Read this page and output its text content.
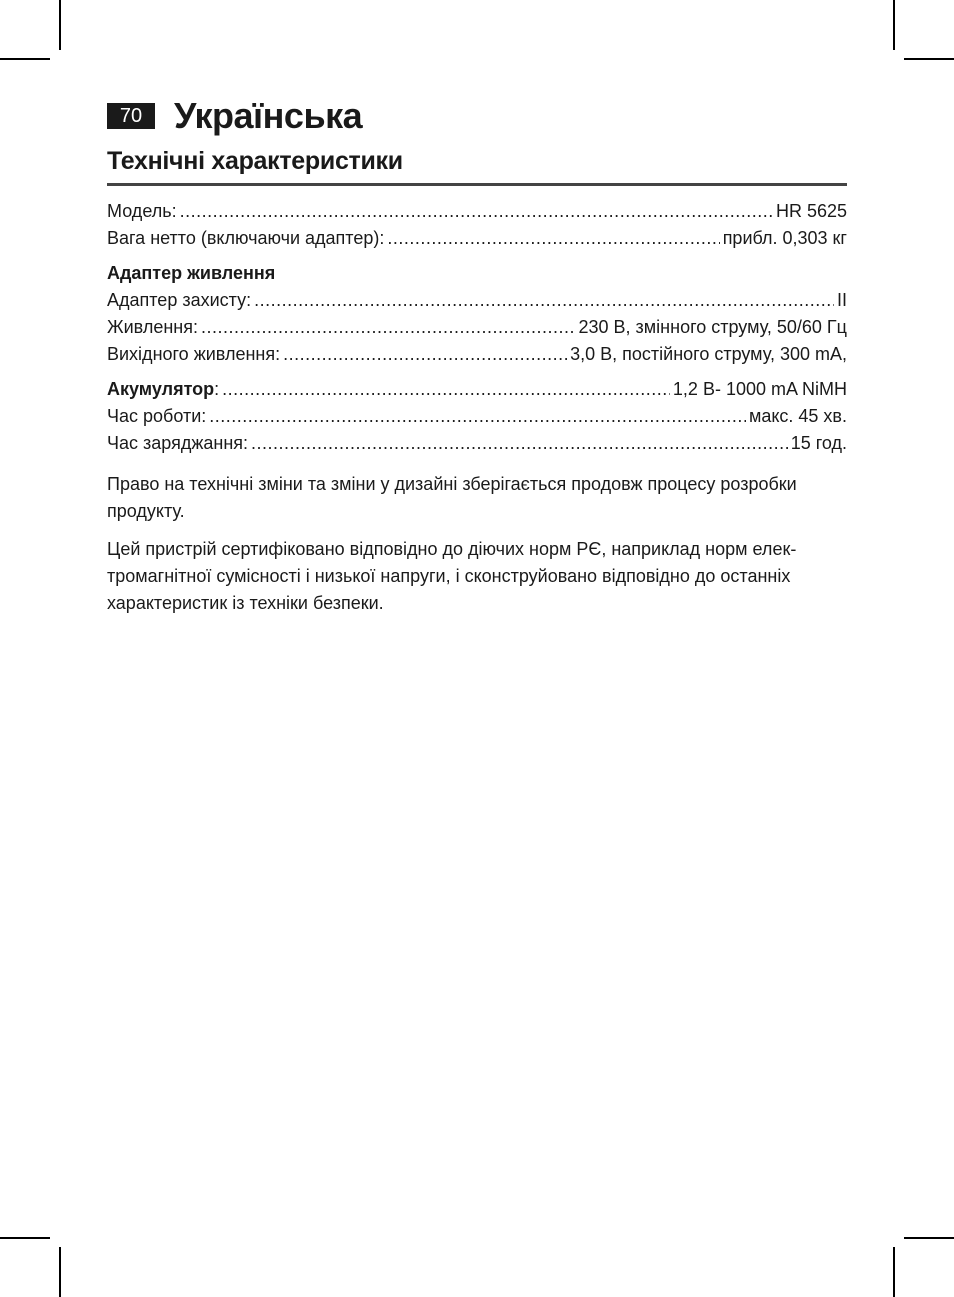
70 Українська
Технічні характеристики
Модель: .....	HR 5625
Вага нетто (включаючи адаптер): .....	прибл. 0,303 кг
Адаптер живлення
Адаптер захисту: .....	II
Живлення: .....	230 В, змінного струму, 50/60 Гц
Вихідного живлення: .....	3,0 В, постійного струму, 300 mA,
Акумулятор: .....	1,2 В- 1000 mA NiMH
Час роботи: .....	макс. 45 хв.
Час заряджання: .....	15 год.

Право на технічні зміни та зміни у дизайні зберігається продовж процесу розробки продукту.

Цей пристрій сертифіковано відповідно до діючих норм РЄ, наприклад норм елек-тромагнітної сумісності і низької напруги, і сконструйовано відповідно до останніх характеристик із техніки безпеки.
